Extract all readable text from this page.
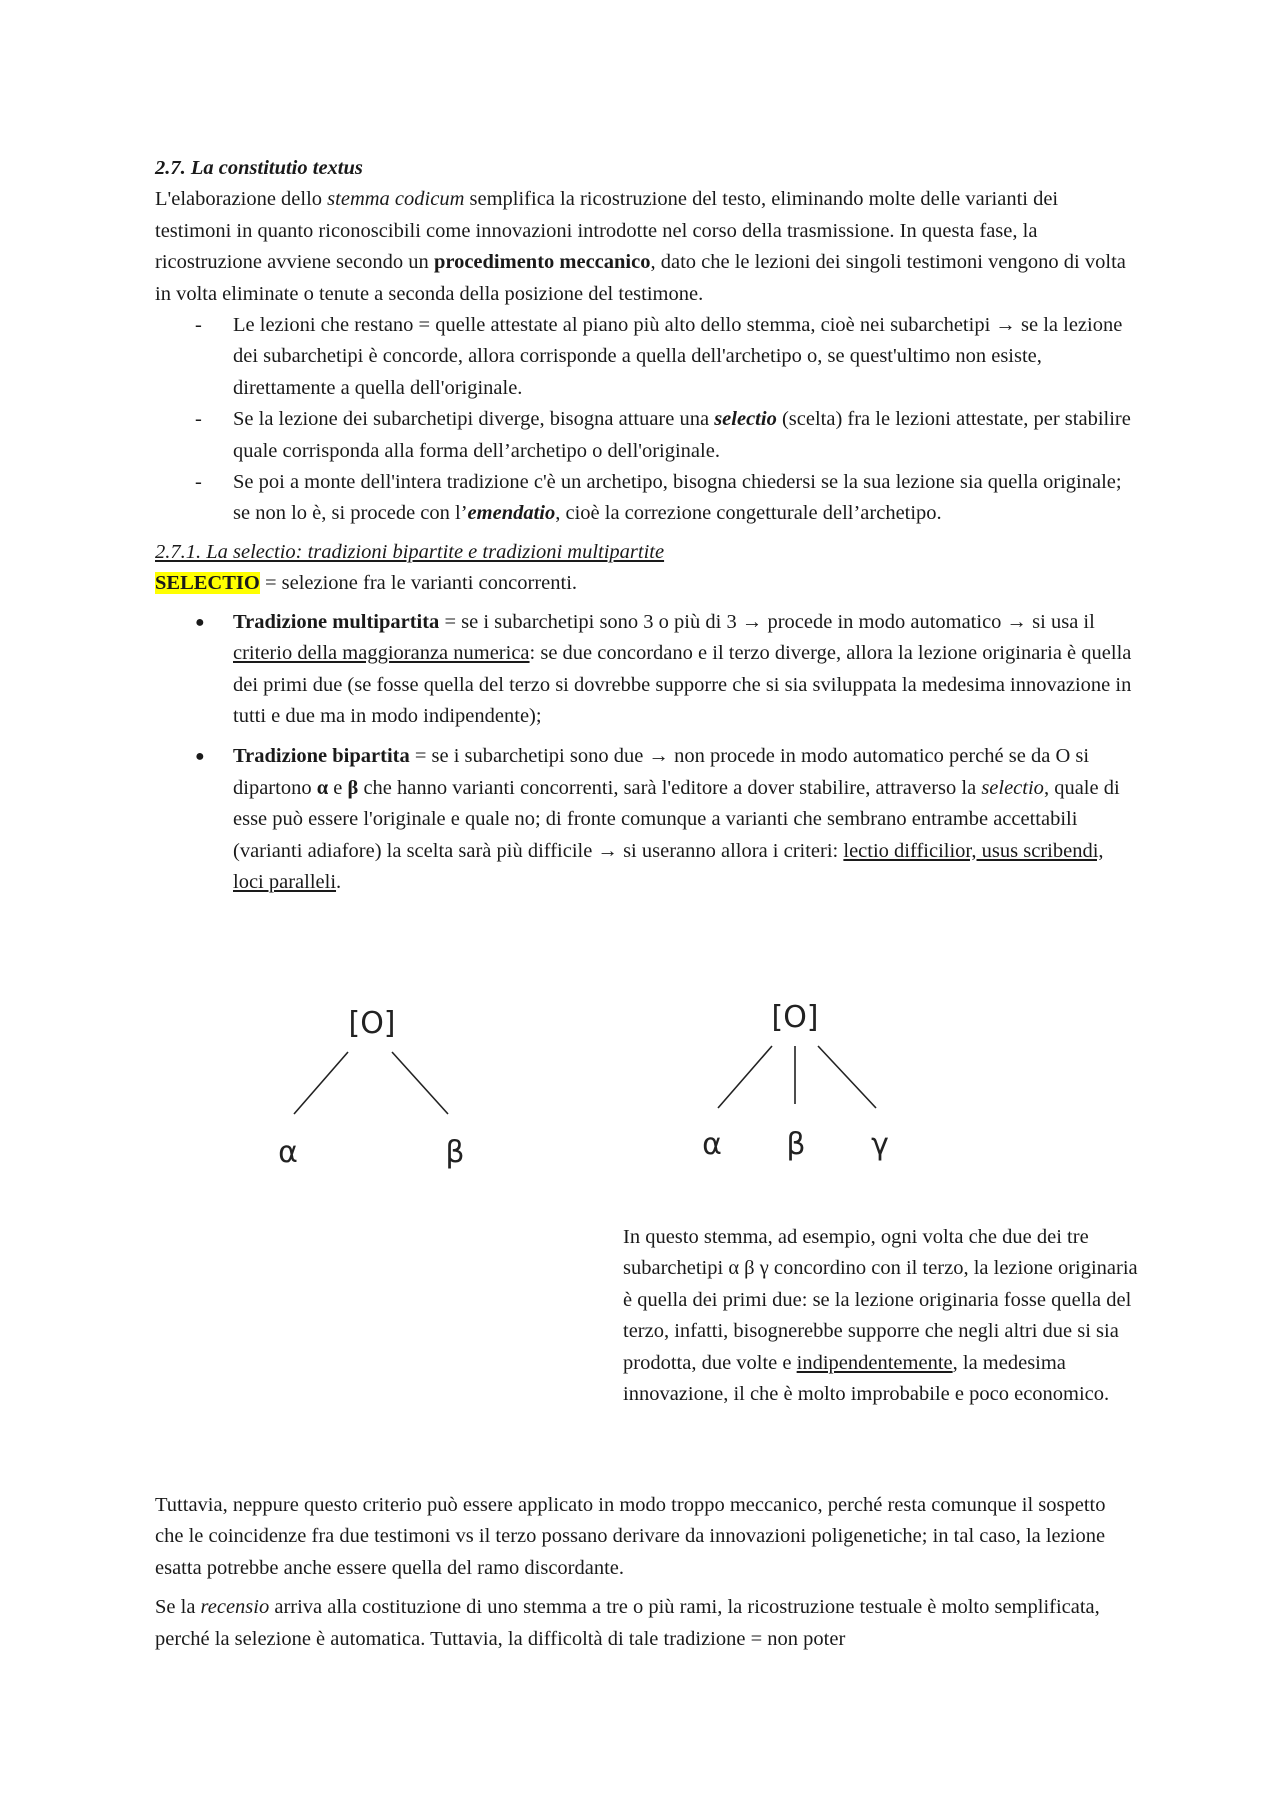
2.7. La constitutio textus

L'elaborazione dello stemma codicum semplifica la ricostruzione del testo, eliminando molte delle varianti dei testimoni in quanto riconoscibili come innovazioni introdotte nel corso della trasmissione. In questa fase, la ricostruzione avviene secondo un procedimento meccanico, dato che le lezioni dei singoli testimoni vengono di volta in volta eliminate o tenute a seconda della posizione del testimone.

- Le lezioni che restano = quelle attestate al piano più alto dello stemma, cioè nei subarchetipi → se la lezione dei subarchetipi è concorde, allora corrisponde a quella dell'archetipo o, se quest'ultimo non esiste, direttamente a quella dell'originale.
- Se la lezione dei subarchetipi diverge, bisogna attuare una selectio (scelta) fra le lezioni attestate, per stabilire quale corrisponda alla forma dell’archetipo o dell'originale.
- Se poi a monte dell'intera tradizione c'è un archetipo, bisogna chiedersi se la sua lezione sia quella originale; se non lo è, si procede con l’emendatio, cioè la correzione congetturale dell’archetipo.

2.7.1. La selectio: tradizioni bipartite e tradizioni multipartite

SELECTIO = selezione fra le varianti concorrenti.

● Tradizione multipartita = se i subarchetipi sono 3 o più di 3 → procede in modo automatico → si usa il criterio della maggioranza numerica: se due concordano e il terzo diverge, allora la lezione originaria è quella dei primi due (se fosse quella del terzo si dovrebbe supporre che si sia sviluppata la medesima innovazione in tutti e due ma in modo indipendente);
● Tradizione bipartita = se i subarchetipi sono due → non procede in modo automatico perché se da O si dipartono α e β che hanno varianti concorrenti, sarà l'editore a dover stabilire, attraverso la selectio, quale di esse può essere l'originale e quale no; di fronte comunque a varianti che sembrano entrambe accettabili (varianti adiafore) la scelta sarà più difficile → si useranno allora i criteri: lectio difficilior, usus scribendi, loci paralleli.
[O]
α	β
[O]
α β γ
In questo stemma, ad esempio, ogni volta che due dei tre subarchetipi α β γ concordino con il terzo, la lezione originaria è quella dei primi due: se la lezione originaria fosse quella del terzo, infatti, bisognerebbe supporre che negli altri due si sia prodotta, due volte e indipendentemente, la medesima innovazione, il che è molto improbabile e poco economico.

Tuttavia, neppure questo criterio può essere applicato in modo troppo meccanico, perché resta comunque il sospetto che le coincidenze fra due testimoni vs il terzo possano derivare da innovazioni poligenetiche; in tal caso, la lezione esatta potrebbe anche essere quella del ramo discordante.

Se la recensio arriva alla costituzione di uno stemma a tre o più rami, la ricostruzione testuale è molto semplificata, perché la selezione è automatica. Tuttavia, la difficoltà di tale tradizione = non poter
